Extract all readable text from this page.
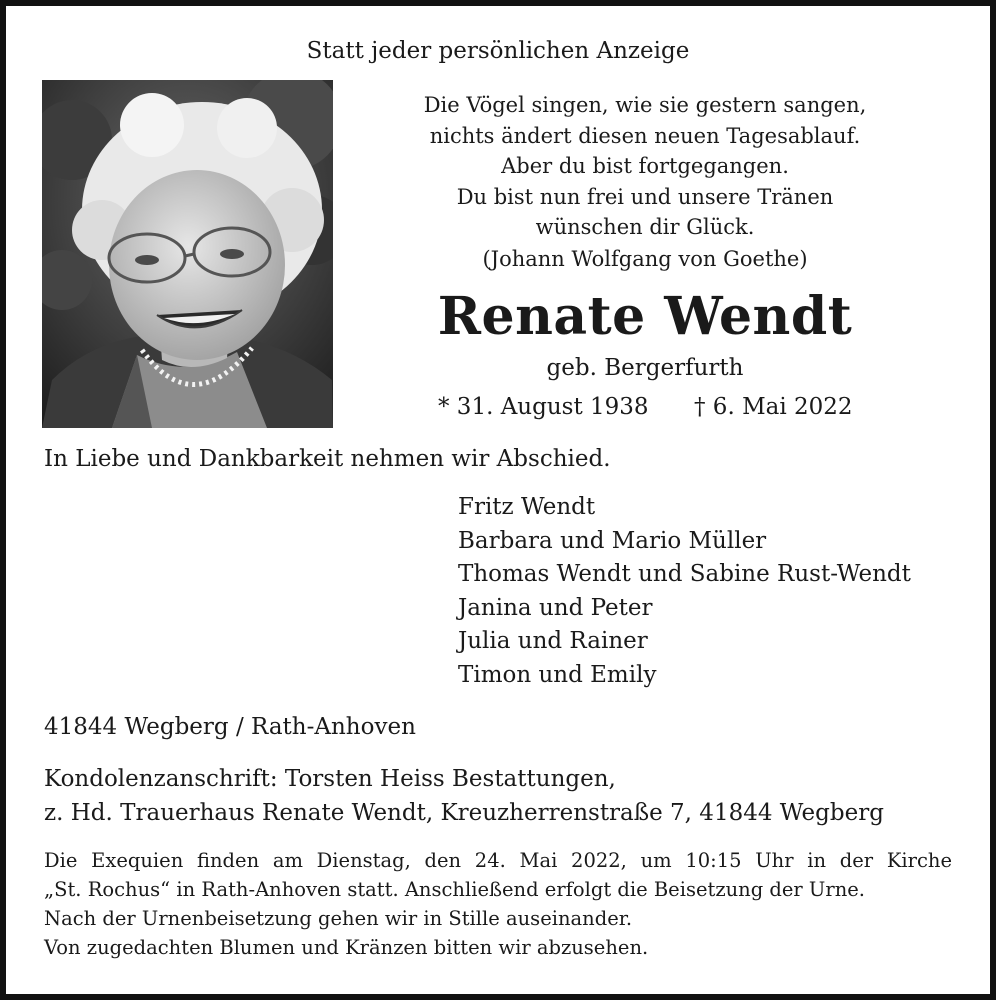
Statt jeder persönlichen Anzeige
Die Vögel singen, wie sie gestern sangen,
nichts ändert diesen neuen Tagesablauf.
Aber du bist fortgegangen.
Du bist nun frei und unsere Tränen
wünschen dir Glück.
(Johann Wolfgang von Goethe)
Renate Wendt
geb. Bergerfurth
* 31. August 1938 † 6. Mai 2022
In Liebe und Dankbarkeit nehmen wir Abschied.
Fritz Wendt
Barbara und Mario Müller
Thomas Wendt und Sabine Rust-Wendt
Janina und Peter
Julia und Rainer
Timon und Emily
41844 Wegberg / Rath-Anhoven
Kondolenzanschrift: Torsten Heiss Bestattungen,
z. Hd. Trauerhaus Renate Wendt, Kreuzherrenstraße 7, 41844 Wegberg
Die Exequien finden am Dienstag, den 24. Mai 2022, um 10:15 Uhr in der Kirche
„St. Rochus“ in Rath-Anhoven statt. Anschließend erfolgt die Beisetzung der Urne.
Nach der Urnenbeisetzung gehen wir in Stille auseinander.
Von zugedachten Blumen und Kränzen bitten wir abzusehen.
